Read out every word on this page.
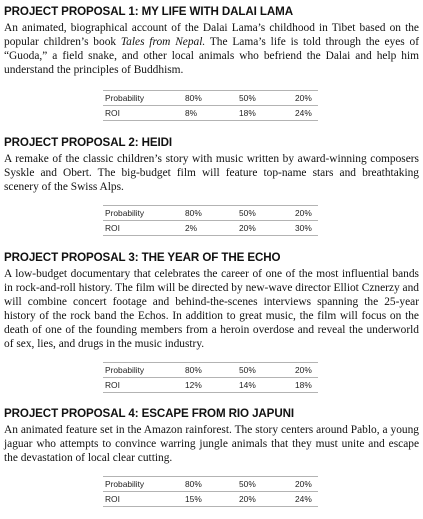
PROJECT PROPOSAL 1: MY LIFE WITH DALAI LAMA

An animated, biographical account of the Dalai Lama’s childhood in Tibet based on the popular children’s book Tales from Nepal. The Lama’s life is told through the eyes of “Guoda,” a field snake, and other local animals who befriend the Dalai and help him understand the principles of Buddhism.

Probability	80%	50%	20%
ROI	8%	18%	24%
PROJECT PROPOSAL 2: HEIDI

A remake of the classic children’s story with music written by award-winning composers Syskle and Obert. The big-budget film will feature top-name stars and breathtaking scenery of the Swiss Alps.

Probability	80%	50%	20%
ROI	2%	20%	30%
PROJECT PROPOSAL 3: THE YEAR OF THE ECHO

A low-budget documentary that celebrates the career of one of the most influential bands in rock-and-roll history. The film will be directed by new-wave director Elliot Cznerzy and will combine concert footage and behind-the-scenes interviews spanning the 25-year history of the rock band the Echos. In addition to great music, the film will focus on the death of one of the founding members from a heroin overdose and reveal the underworld of sex, lies, and drugs in the music industry.

Probability	80%	50%	20%
ROI	12%	14%	18%
PROJECT PROPOSAL 4: ESCAPE FROM RIO JAPUNI

An animated feature set in the Amazon rainforest. The story centers around Pablo, a young jaguar who attempts to convince warring jungle animals that they must unite and escape the devastation of local clear cutting.

Probability	80%	50%	20%
ROI	15%	20%	24%
